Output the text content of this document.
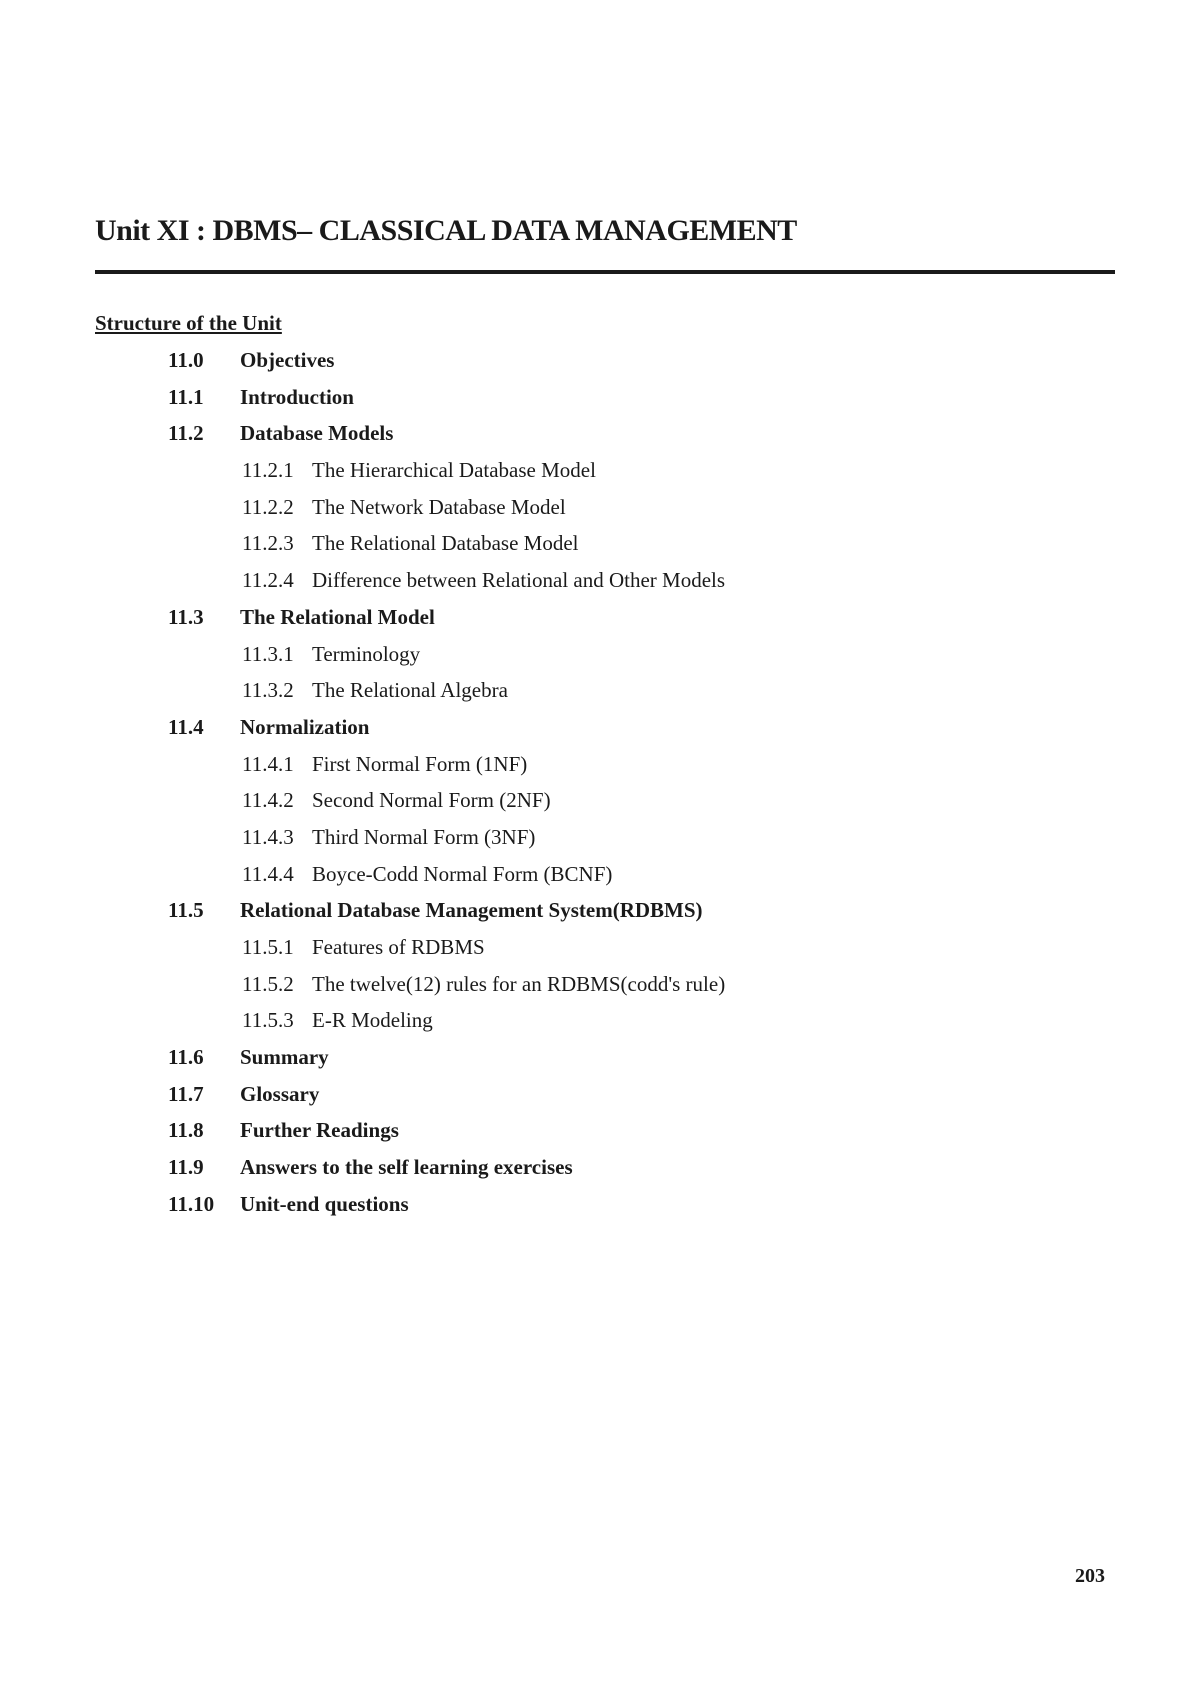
Unit XI : DBMS– CLASSICAL DATA MANAGEMENT
Structure of the Unit
11.0 Objectives
11.1 Introduction
11.2 Database Models
11.2.1 The Hierarchical Database Model
11.2.2 The Network Database Model
11.2.3 The Relational Database Model
11.2.4 Difference between Relational and Other Models
11.3 The Relational Model
11.3.1 Terminology
11.3.2 The Relational Algebra
11.4 Normalization
11.4.1 First Normal Form (1NF)
11.4.2 Second Normal Form (2NF)
11.4.3 Third Normal Form (3NF)
11.4.4 Boyce-Codd Normal Form (BCNF)
11.5 Relational Database Management System(RDBMS)
11.5.1 Features of RDBMS
11.5.2 The twelve(12) rules for an RDBMS(codd's rule)
11.5.3 E-R Modeling
11.6 Summary
11.7 Glossary
11.8 Further Readings
11.9 Answers to the self learning exercises
11.10 Unit-end questions
203
